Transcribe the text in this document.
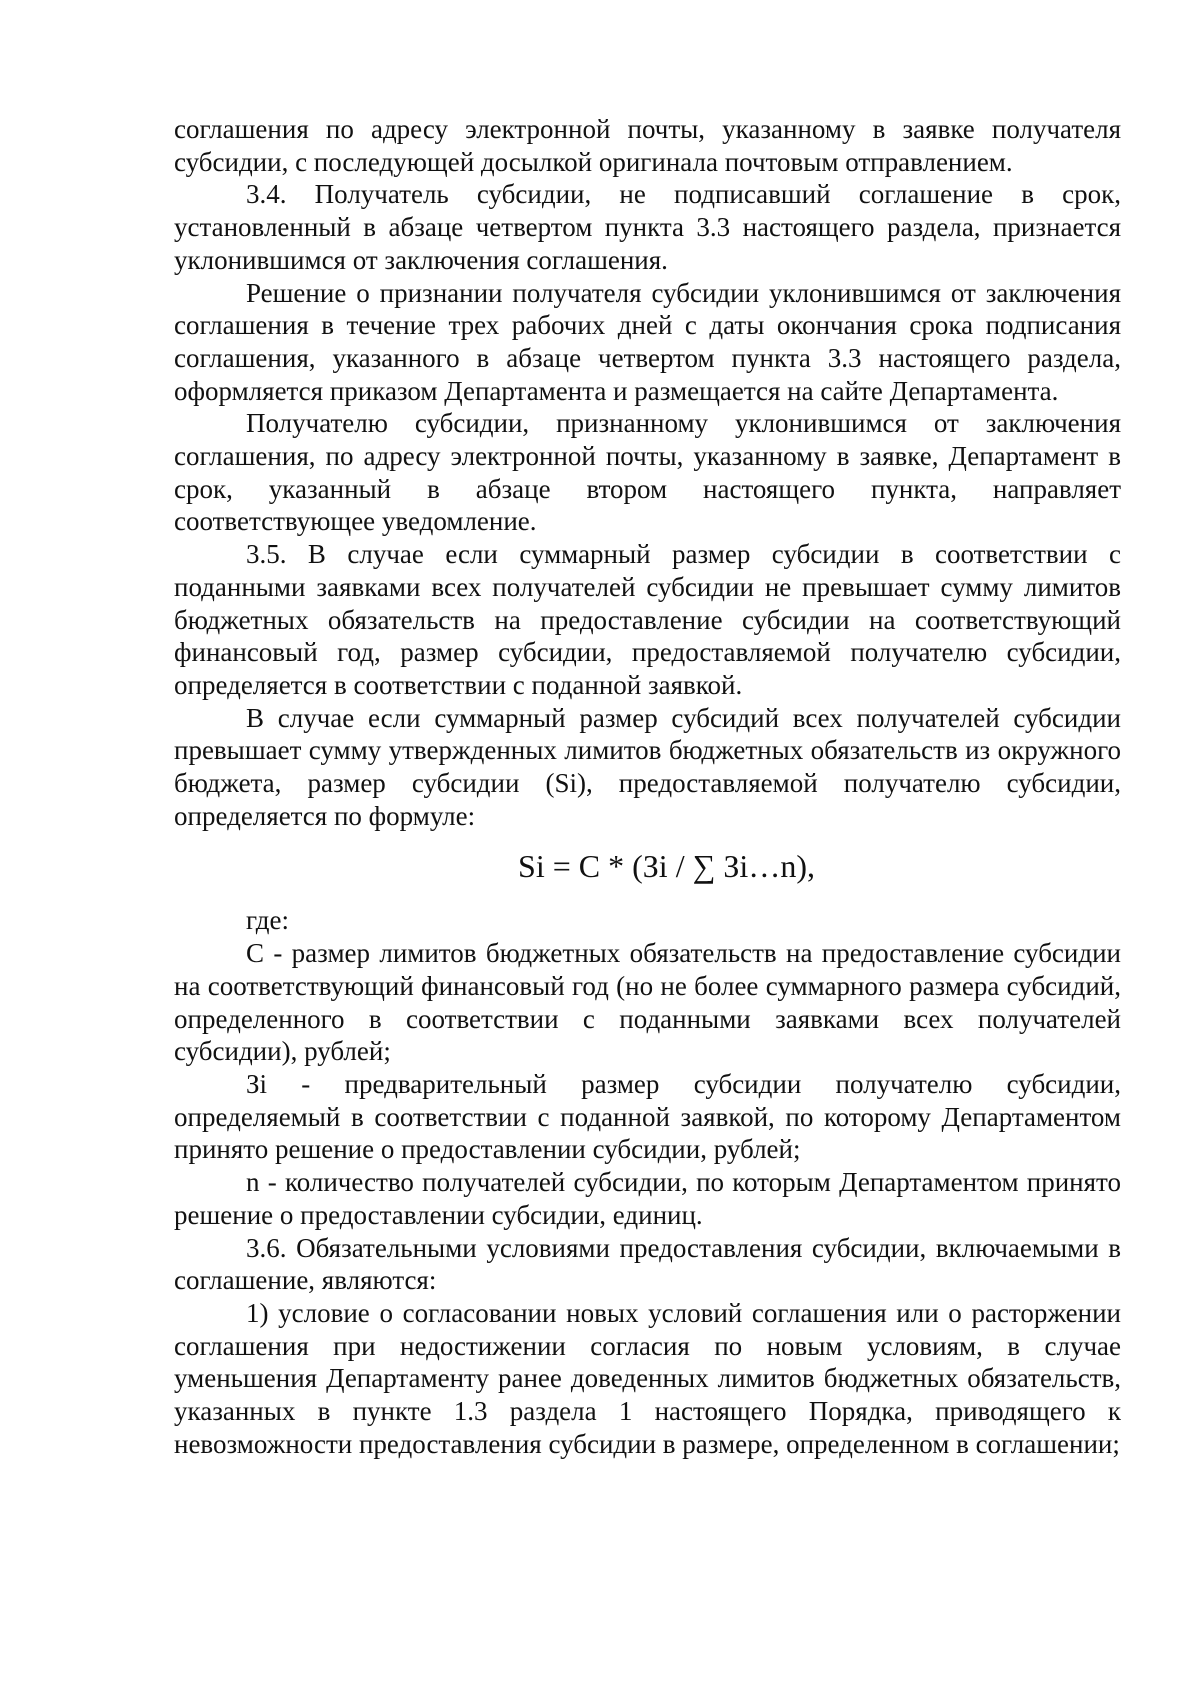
соглашения по адресу электронной почты, указанному в заявке получателя субсидии, с последующей досылкой оригинала почтовым отправлением.

3.4. Получатель субсидии, не подписавший соглашение в срок, установленный в абзаце четвертом пункта 3.3 настоящего раздела, признается уклонившимся от заключения соглашения.

Решение о признании получателя субсидии уклонившимся от заключения соглашения в течение трех рабочих дней с даты окончания срока подписания соглашения, указанного в абзаце четвертом пункта 3.3 настоящего раздела, оформляется приказом Департамента и размещается на сайте Департамента.

Получателю субсидии, признанному уклонившимся от заключения соглашения, по адресу электронной почты, указанному в заявке, Департамент в срок, указанный в абзаце втором настоящего пункта, направляет соответствующее уведомление.

3.5. В случае если суммарный размер субсидии в соответствии с поданными заявками всех получателей субсидии не превышает сумму лимитов бюджетных обязательств на предоставление субсидии на соответствующий финансовый год, размер субсидии, предоставляемой получателю субсидии, определяется в соответствии с поданной заявкой.

В случае если суммарный размер субсидий всех получателей субсидии превышает сумму утвержденных лимитов бюджетных обязательств из окружного бюджета, размер субсидии (Si), предоставляемой получателю субсидии, определяется по формуле:

Si = C * (Зi / ∑ Зi…n),

где:

C - размер лимитов бюджетных обязательств на предоставление субсидии на соответствующий финансовый год (но не более суммарного размера субсидий, определенного в соответствии с поданными заявками всех получателей субсидии), рублей;

Зi - предварительный размер субсидии получателю субсидии, определяемый в соответствии с поданной заявкой, по которому Департаментом принято решение о предоставлении субсидии, рублей;

n - количество получателей субсидии, по которым Департаментом принято решение о предоставлении субсидии, единиц.

3.6. Обязательными условиями предоставления субсидии, включаемыми в соглашение, являются:

1) условие о согласовании новых условий соглашения или о расторжении соглашения при недостижении согласия по новым условиям, в случае уменьшения Департаменту ранее доведенных лимитов бюджетных обязательств, указанных в пункте 1.3 раздела 1 настоящего Порядка, приводящего к невозможности предоставления субсидии в размере, определенном в соглашении;
